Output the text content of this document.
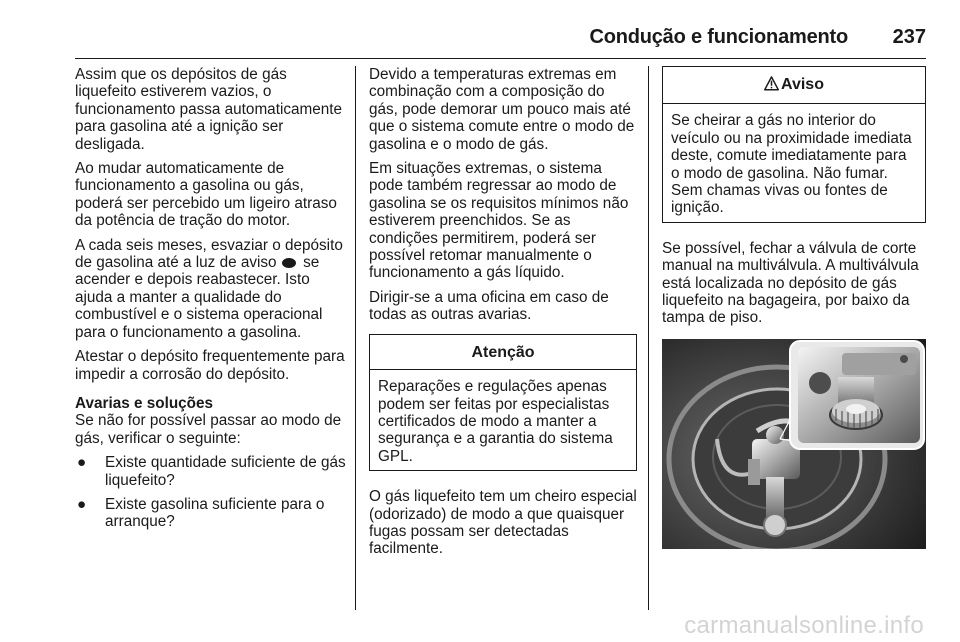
Condução e funcionamento 237

Assim que os depósitos de gás liquefeito estiverem vazios, o funcionamento passa automaticamente para gasolina até a ignição ser desligada.

Ao mudar automaticamente de funcionamento a gasolina ou gás, poderá ser percebido um ligeiro atraso da potência de tração do motor.

A cada seis meses, esvaziar o depósito de gasolina até a luz de aviso se acender e depois reabastecer. Isto ajuda a manter a qualidade do combustível e o sistema operacional para o funcionamento a gasolina.

Atestar o depósito frequentemente para impedir a corrosão do depósito.

Avarias e soluções
Se não for possível passar ao modo de gás, verificar o seguinte:
●	Existe quantidade suficiente de gás liquefeito?
●	Existe gasolina suficiente para o arranque?

Devido a temperaturas extremas em combinação com a composição do gás, pode demorar um pouco mais até que o sistema comute entre o modo de gasolina e o modo de gás.

Em situações extremas, o sistema pode também regressar ao modo de gasolina se os requisitos mínimos não estiverem preenchidos. Se as condições permitirem, poderá ser possível retomar manualmente o funcionamento a gás líquido.

Dirigir-se a uma oficina em caso de todas as outras avarias.

Atenção

Reparações e regulações apenas podem ser feitas por especialistas certificados de modo a manter a segurança e a garantia do sistema GPL.

O gás liquefeito tem um cheiro especial (odorizado) de modo a que quaisquer fugas possam ser detectadas facilmente.

Aviso

Se cheirar a gás no interior do veículo ou na proximidade imediata deste, comute imediatamente para o modo de gasolina. Não fumar. Sem chamas vivas ou fontes de ignição.

Se possível, fechar a válvula de corte manual na multiválvula. A multiválvula está localizada no depósito de gás liquefeito na bagageira, por baixo da tampa de piso.

carmanualsonline.info
